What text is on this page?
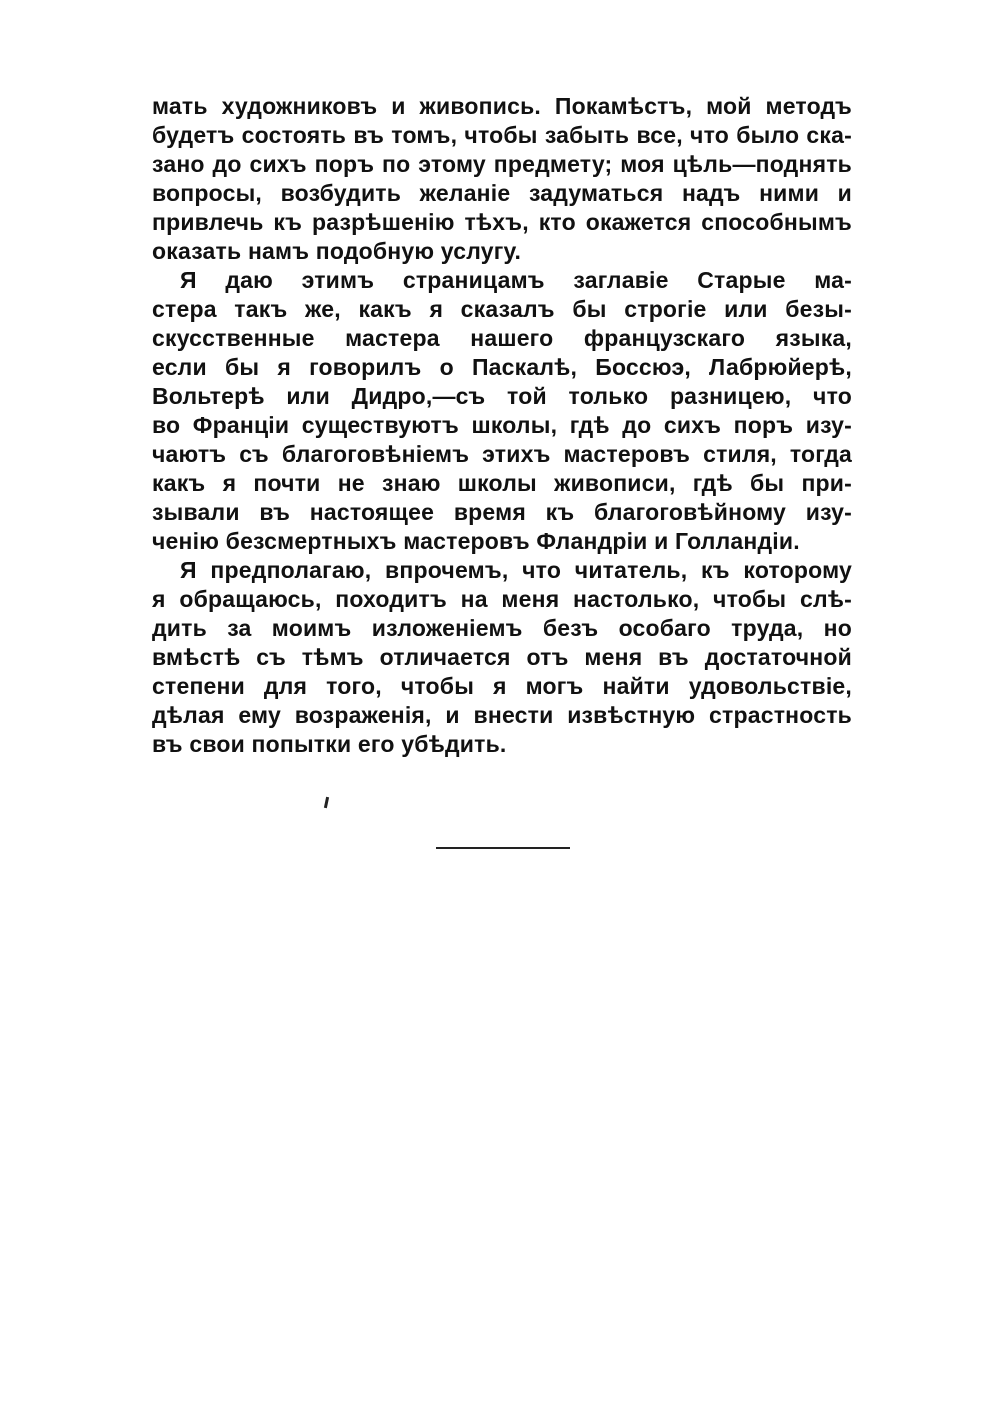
мать художниковъ и живопись. Покамѣстъ, мой методъ
будетъ состоять въ томъ, чтобы забыть все, что было ска-
зано до сихъ поръ по этому предмету; моя цѣль—поднять
вопросы, возбудить желаніе задуматься надъ ними и
привлечь къ разрѣшенію тѣхъ, кто окажется способнымъ
оказать намъ подобную услугу.
Я даю этимъ страницамъ заглавіе Старые ма-
стера такъ же, какъ я сказалъ бы строгіе или безы-
скусственные мастера нашего французскаго языка,
если бы я говорилъ о Паскалѣ, Боссюэ, Лабрюйерѣ,
Вольтерѣ или Дидро,—съ той только разницею, что
во Франціи существуютъ школы, гдѣ до сихъ поръ изу-
чаютъ съ благоговѣніемъ этихъ мастеровъ стиля, тогда
какъ я почти не знаю школы живописи, гдѣ бы при-
зывали въ настоящее время къ благоговѣйному изу-
ченію безсмертныхъ мастеровъ Фландріи и Голландіи.
Я предполагаю, впрочемъ, что читатель, къ которому
я обращаюсь, походитъ на меня настолько, чтобы слѣ-
дить за моимъ изложеніемъ безъ особаго труда, но
вмѣстѣ съ тѣмъ отличается отъ меня въ достаточной
степени для того, чтобы я могъ найти удовольствіе,
дѣлая ему возраженія, и внести извѣстную страстность
въ свои попытки его убѣдить.
